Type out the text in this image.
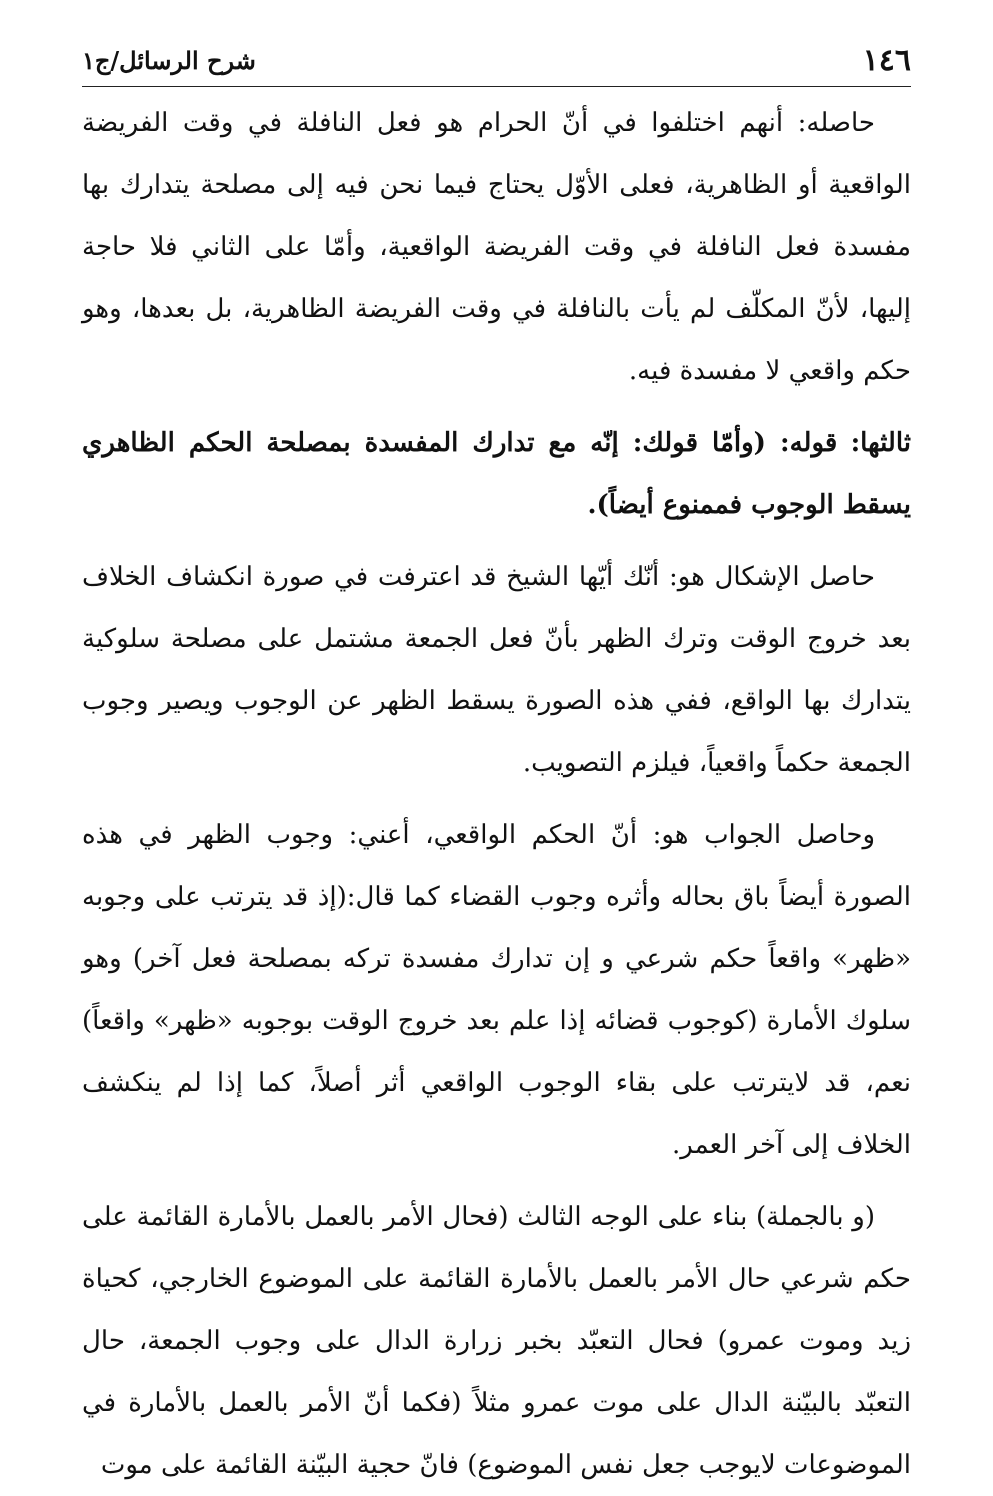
١٤٦
شرح الرسائل/ج١

حاصله: أنهم اختلفوا في أنّ الحرام هو فعل النافلة في وقت الفريضة الواقعية أو الظاهرية، فعلى الأوّل يحتاج فيما نحن فيه إلى مصلحة يتدارك بها مفسدة فعل النافلة في وقت الفريضة الواقعية، وأمّا على الثاني فلا حاجة إليها، لأنّ المكلّف لم يأت بالنافلة في وقت الفريضة الظاهرية، بل بعدها، وهو حكم واقعي لا مفسدة فيه.

ثالثها: قوله: (وأمّا قولك: إنّه مع تدارك المفسدة بمصلحة الحكم الظاهري يسقط الوجوب فممنوع أيضاً).

حاصل الإشكال هو: أنّك أيّها الشيخ قد اعترفت في صورة انكشاف الخلاف بعد خروج الوقت وترك الظهر بأنّ فعل الجمعة مشتمل على مصلحة سلوكية يتدارك بها الواقع، ففي هذه الصورة يسقط الظهر عن الوجوب ويصير وجوب الجمعة حكماً واقعياً، فيلزم التصويب.

وحاصل الجواب هو: أنّ الحكم الواقعي، أعني: وجوب الظهر في هذه الصورة أيضاً باق بحاله وأثره وجوب القضاء كما قال:(إذ قد يترتب على وجوبه «ظهر» واقعاً حكم شرعي و إن تدارك مفسدة تركه بمصلحة فعل آخر) وهو سلوك الأمارة (كوجوب قضائه إذا علم بعد خروج الوقت بوجوبه «ظهر» واقعاً) نعم، قد لايترتب على بقاء الوجوب الواقعي أثر أصلاً، كما إذا لم ينكشف الخلاف إلى آخر العمر.

(و بالجملة) بناء على الوجه الثالث (فحال الأمر بالعمل بالأمارة القائمة على حكم شرعي حال الأمر بالعمل بالأمارة القائمة على الموضوع الخارجي، كحياة زيد وموت عمرو) فحال التعبّد بخبر زرارة الدال على وجوب الجمعة، حال التعبّد بالبيّنة الدال على موت عمرو مثلاً (فكما أنّ الأمر بالعمل بالأمارة في الموضوعات لايوجب جعل نفس الموضوع) فانّ حجية البيّنة القائمة على موت
